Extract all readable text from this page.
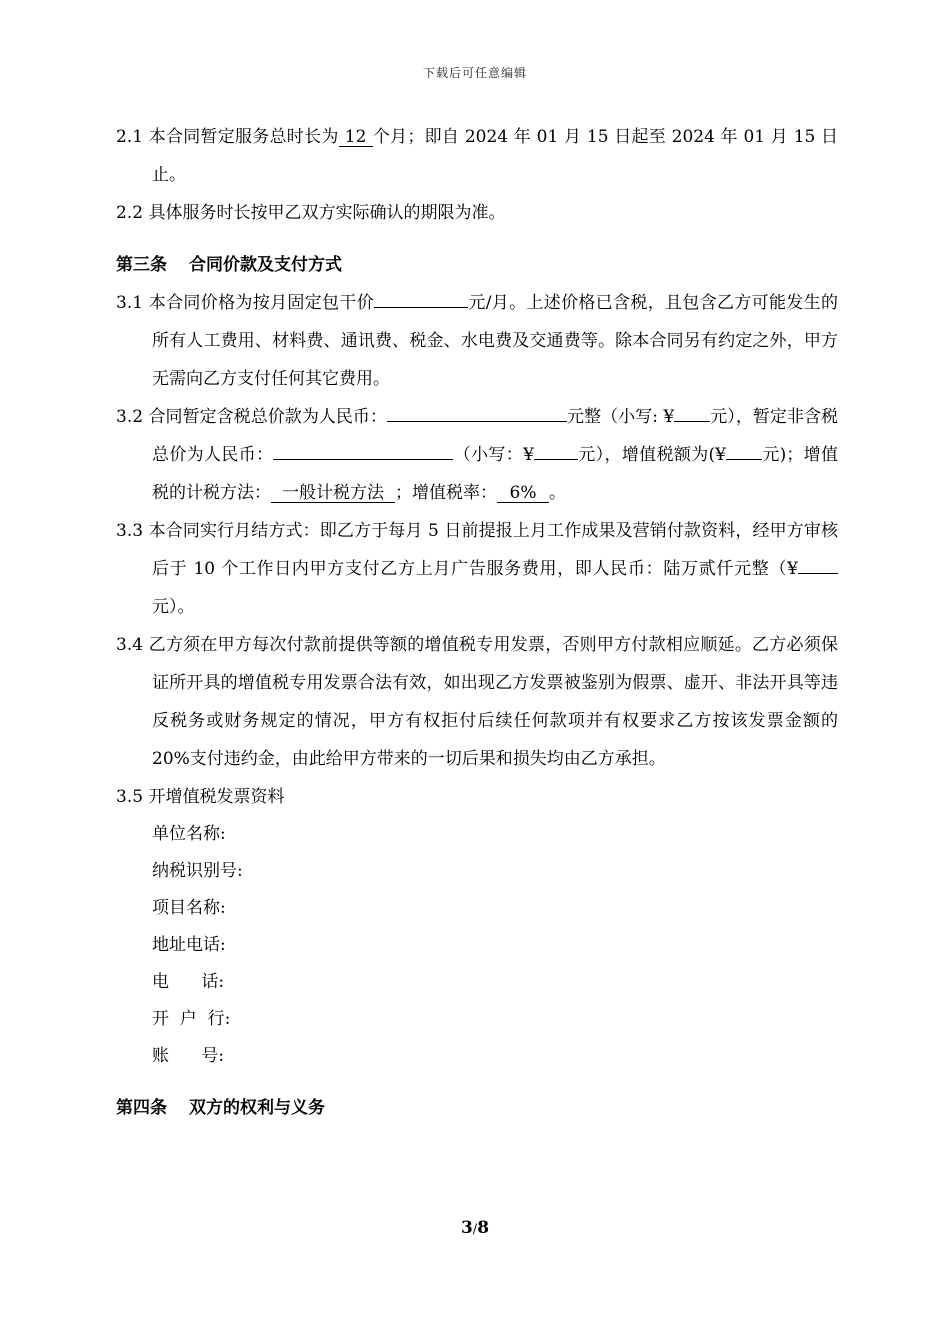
下载后可任意编辑
2.1 本合同暂定服务总时长为 12 个月；即自 2024 年 01 月 15 日起至 2024 年 01 月 15 日止。
2.2 具体服务时长按甲乙双方实际确认的期限为准。
第三条 合同价款及支付方式
3.1 本合同价格为按月固定包干价	元/月。上述价格已含税，且包含乙方可能发生的所有人工费用、材料费、通讯费、税金、水电费及交通费等。除本合同另有约定之外，甲方无需向乙方支付任何其它费用。
3.2 合同暂定含税总价款为人民币：	元整（小写: ¥ 元），暂定非含税总价为人民币：	（小写：¥	元），增值税额为(¥ 元)；增值税的计税方法： 一般计税方法 ；增值税率： 6% 。
3.3 本合同实行月结方式：即乙方于每月 5 日前提报上月工作成果及营销付款资料，经甲方审核后于 10 个工作日内甲方支付乙方上月广告服务费用，即人民币：陆万贰仟元整（¥元）。
3.4 乙方须在甲方每次付款前提供等额的增值税专用发票，否则甲方付款相应顺延。乙方必须保证所开具的增值税专用发票合法有效，如出现乙方发票被鉴别为假票、虚开、非法开具等违反税务或财务规定的情况，甲方有权拒付后续任何款项并有权要求乙方按该发票金额的 20%支付违约金，由此给甲方带来的一切后果和损失均由乙方承担。
3.5 开增值税发票资料
单位名称:
纳税识别号:
项目名称:
地址电话:
电      话:
开  户  行:
账      号:
第四条 双方的权利与义务
3/8
